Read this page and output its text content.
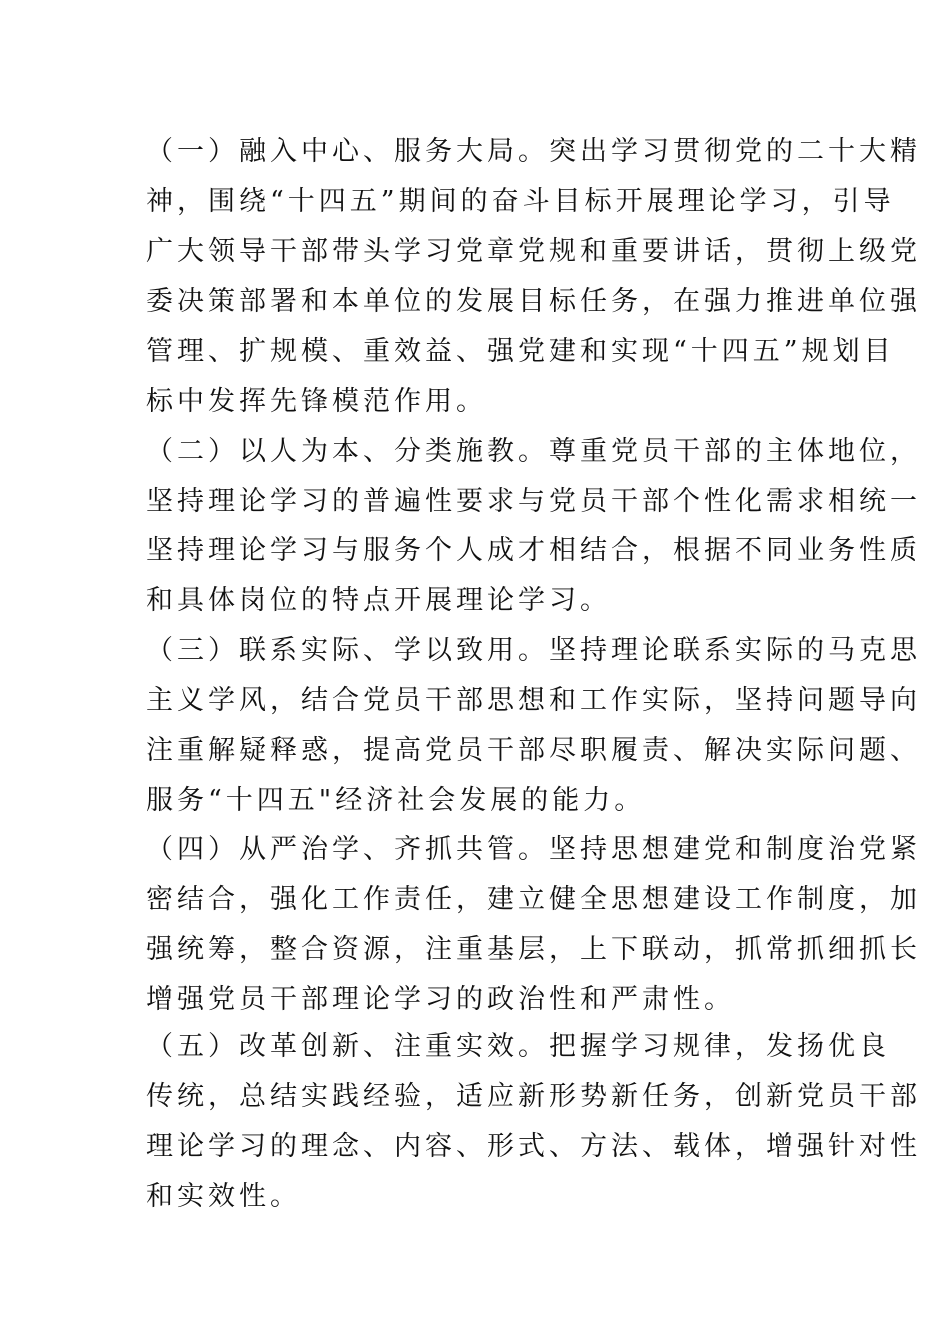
（一）融入中心、服务大局。突出学习贯彻党的二十大精
神，围绕“十四五”期间的奋斗目标开展理论学习，引导
广大领导干部带头学习党章党规和重要讲话，贯彻上级党
委决策部署和本单位的发展目标任务，在强力推进单位强
管理、扩规模、重效益、强党建和实现“十四五”规划目
标中发挥先锋模范作用。
（二）以人为本、分类施教。尊重党员干部的主体地位，
坚持理论学习的普遍性要求与党员干部个性化需求相统一
坚持理论学习与服务个人成才相结合，根据不同业务性质
和具体岗位的特点开展理论学习。
（三）联系实际、学以致用。坚持理论联系实际的马克思
主义学风，结合党员干部思想和工作实际，坚持问题导向
注重解疑释惑，提高党员干部尽职履责、解决实际问题、
服务“十四五"经济社会发展的能力。
（四）从严治学、齐抓共管。坚持思想建党和制度治党紧
密结合，强化工作责任，建立健全思想建设工作制度，加
强统筹，整合资源，注重基层，上下联动，抓常抓细抓长
增强党员干部理论学习的政治性和严肃性。
（五）改革创新、注重实效。把握学习规律，发扬优良
传统，总结实践经验，适应新形势新任务，创新党员干部
理论学习的理念、内容、形式、方法、载体，增强针对性
和实效性。
